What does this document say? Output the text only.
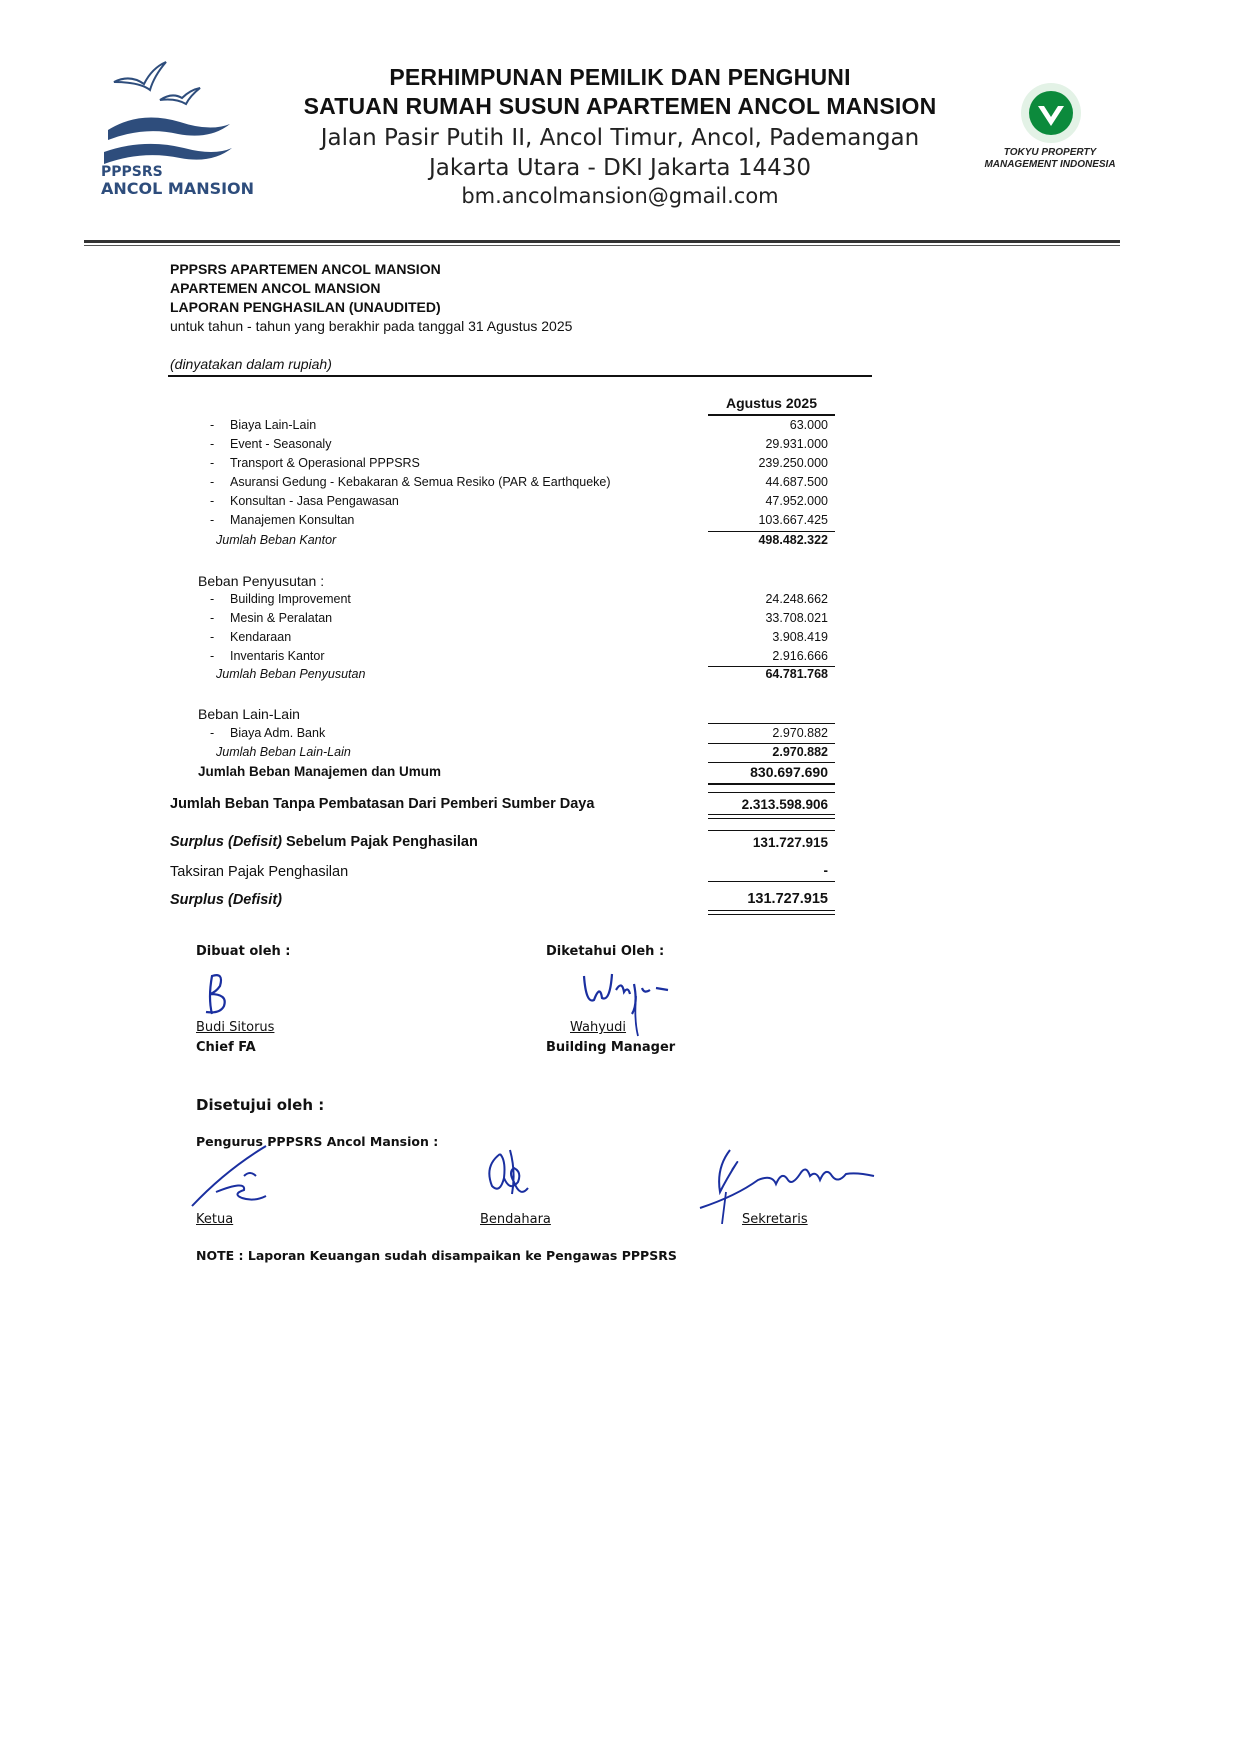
PPPSRS
ANCOL MANSION
PERHIMPUNAN PEMILIK DAN PENGHUNI
SATUAN RUMAH SUSUN APARTEMEN ANCOL MANSION
Jalan Pasir Putih II, Ancol Timur, Ancol, Pademangan
Jakarta Utara - DKI Jakarta 14430
bm.ancolmansion@gmail.com
TOKYU PROPERTY
MANAGEMENT INDONESIA
PPPSRS APARTEMEN ANCOL MANSION
APARTEMEN ANCOL MANSION
LAPORAN PENGHASILAN (UNAUDITED)
untuk tahun - tahun yang berakhir pada tanggal 31 Agustus 2025
(dinyatakan dalam rupiah)
Agustus 2025
- Biaya Lain-Lain	63.000
- Event - Seasonaly	29.931.000
- Transport & Operasional PPPSRS	239.250.000
- Asuransi Gedung - Kebakaran & Semua Resiko (PAR & Earthqueke)	44.687.500
- Konsultan - Jasa Pengawasan	47.952.000
- Manajemen Konsultan	103.667.425
Jumlah Beban Kantor	498.482.322
Beban Penyusutan :
- Building Improvement	24.248.662
- Mesin & Peralatan	33.708.021
- Kendaraan	3.908.419
- Inventaris Kantor	2.916.666
Jumlah Beban Penyusutan	64.781.768
Beban Lain-Lain
- Biaya Adm. Bank	2.970.882
Jumlah Beban Lain-Lain	2.970.882
Jumlah Beban Manajemen dan Umum	830.697.690
Jumlah Beban Tanpa Pembatasan Dari Pemberi Sumber Daya	2.313.598.906
Surplus (Defisit) Sebelum Pajak Penghasilan	131.727.915
Taksiran Pajak Penghasilan	-
Surplus (Defisit)	131.727.915
Dibuat oleh :
Budi Sitorus
Chief FA
Diketahui Oleh :
Wahyudi
Building Manager
Disetujui oleh :
Pengurus PPPSRS Ancol Mansion :
Ketua	Bendahara	Sekretaris
NOTE : Laporan Keuangan sudah disampaikan ke Pengawas PPPSRS
